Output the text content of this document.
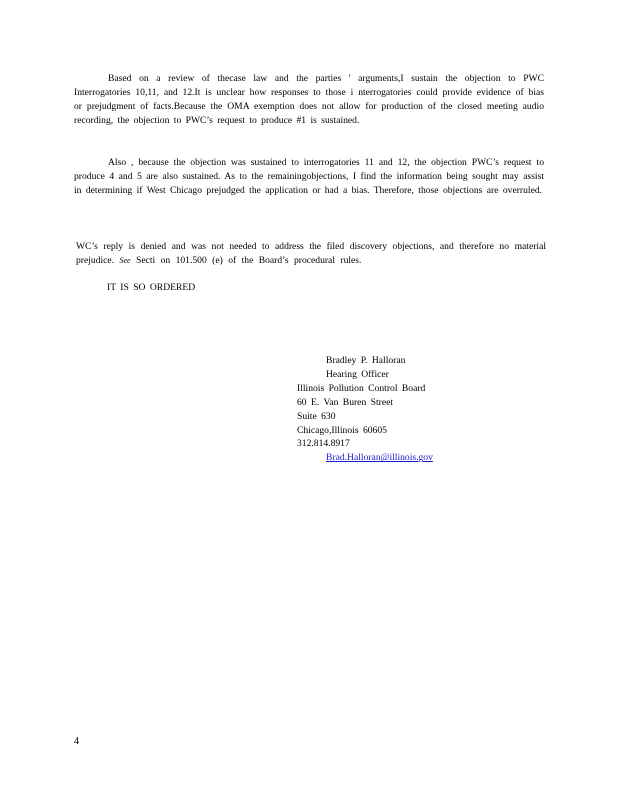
Based on a review of thecase law and the parties ' arguments,I sustain the objection to PWC Interrogatories 10,11, and 12.It is unclear how responses to those i nterrogatories could provide evidence of bias or prejudgment of facts.Because the OMA exemption does not allow for production of the closed meeting audio recording, the objection to PWC’s request to produce #1 is sustained.
Also , because the objection was sustained to interrogatories 11 and 12, the objection PWC’s request to produce 4 and 5 are also sustained. As to the remainingobjections, I find the information being sought may assist in determining if West Chicago prejudged the application or had a bias. Therefore, those objections are overruled.
WC’s reply is denied and was not needed to address the filed discovery objections, and therefore no material prejudice. See Secti on 101.500 (e) of the Board’s procedural rules.
IT IS SO ORDERED
Bradley P. Halloran
Hearing Officer
Illinois Pollution Control Board
60 E. Van Buren Street
Suite 630
Chicago,Illinois 60605
312.814.8917
Brad.Halloran@illinois.gov
4
